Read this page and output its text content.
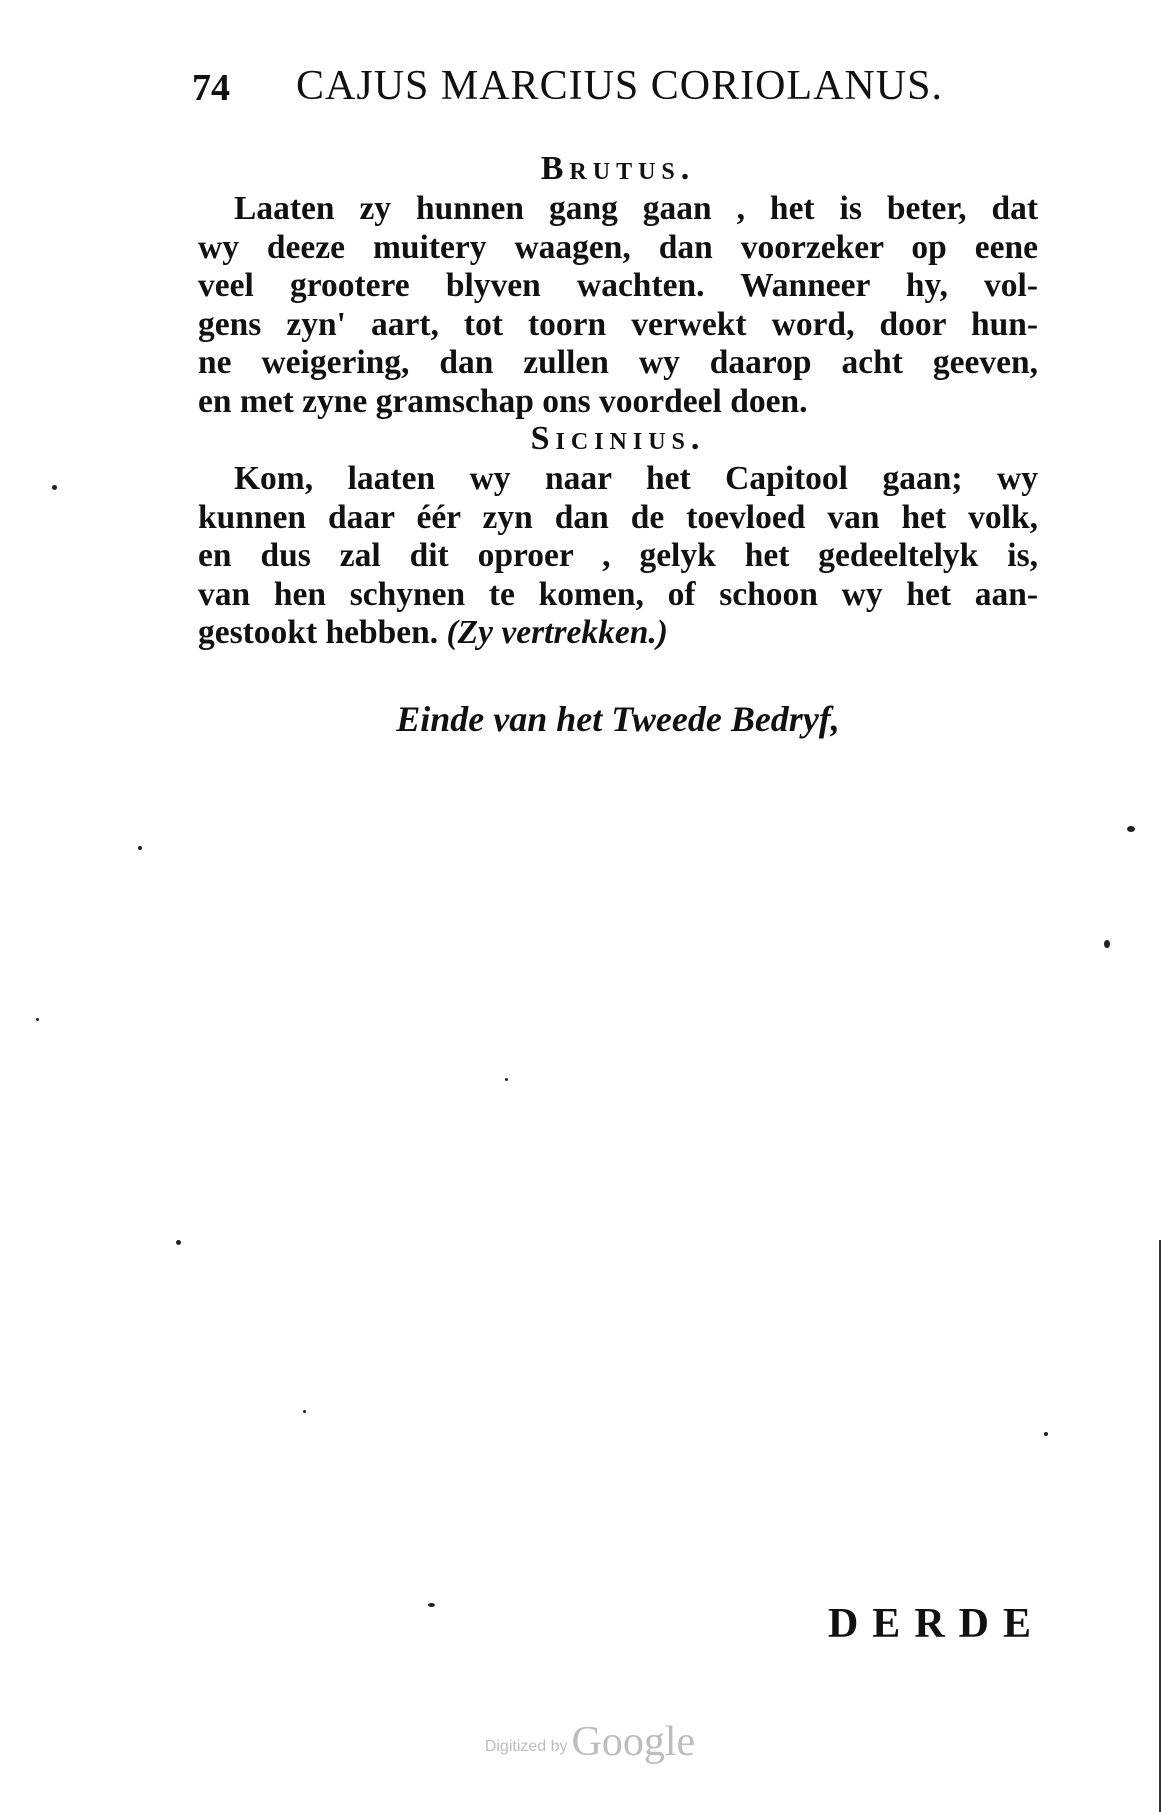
74 CAJUS MARCIUS CORIOLANUS.
Brutus.
Laaten zy hunnen gang gaan , het is beter, dat
wy deeze muitery waagen, dan voorzeker op eene
veel grootere blyven wachten. Wanneer hy, vol-
gens zyn' aart, tot toorn verwekt word, door hun-
ne weigering, dan zullen wy daarop acht geeven,
en met zyne gramschap ons voordeel doen.
Sicinius.
Kom, laaten wy naar het Capitool gaan; wy
kunnen daar éér zyn dan de toevloed van het volk,
en dus zal dit oproer , gelyk het gedeeltelyk is,
van hen schynen te komen, of schoon wy het aan-
gestookt hebben. (Zy vertrekken.)
Einde van het Tweede Bedryf,
DERDE
Digitized by Google
